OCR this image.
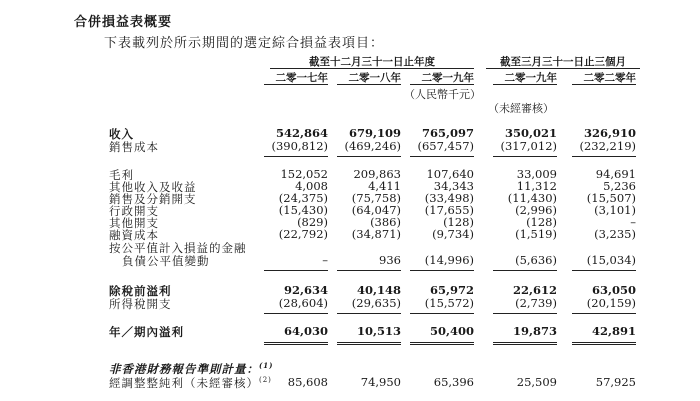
合併損益表概要
下表載列於所示期間的選定綜合損益表項目：
截至十二月三十一日止年度	截至三月三十一日止三個月
二零一七年	二零一八年	二零一九年	二零一九年	二零二零年
（人民幣千元）
（未經審核）
收入	542,864	679,109	765,097	350,021	326,910
銷售成本	(390,812)	(469,246)	(657,457)	(317,012)	(232,219)
毛利	152,052	209,863	107,640	33,009	94,691
其他收入及收益	4,008	4,411	34,343	11,312	5,236
銷售及分銷開支	(24,375)	(75,758)	(33,498)	(11,430)	(15,507)
行政開支	(15,430)	(64,047)	(17,655)	(2,996)	(3,101)
其他開支	(829)	(386)	(128)	(128)	–
融資成本	(22,792)	(34,871)	(9,734)	(1,519)	(3,235)
按公平值計入損益的金融
負債公平值變動	–	936	(14,996)	(5,636)	(15,034)
除稅前溢利	92,634	40,148	65,972	22,612	63,050
所得稅開支	(28,604)	(29,635)	(15,572)	(2,739)	(20,159)
年／期內溢利	64,030	10,513	50,400	19,873	42,891
非香港財務報告準則計量：$^{(1)}$
經調整整純利（未經審核）$^{(2)}$	85,608	74,950	65,396	25,509	57,925
